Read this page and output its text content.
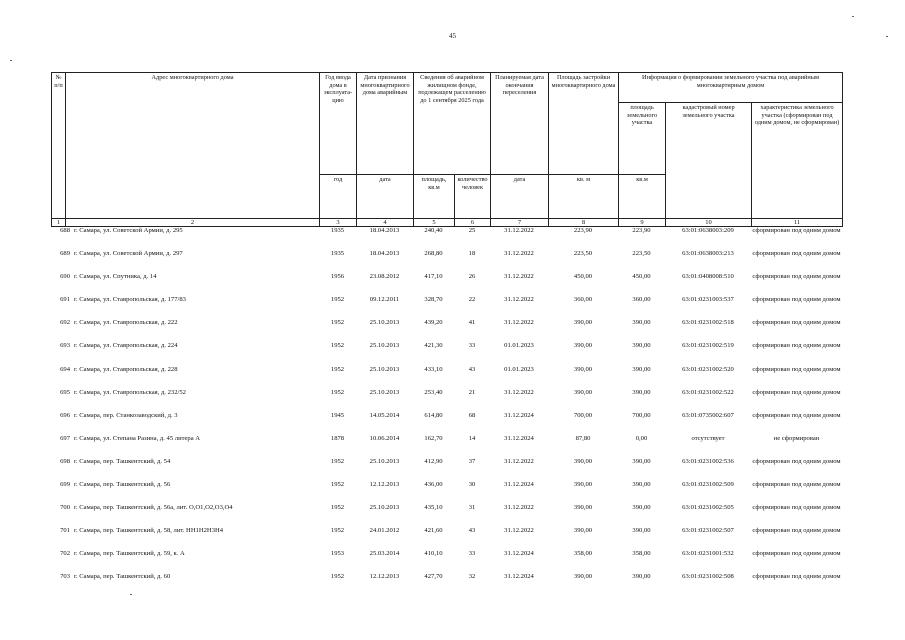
45
№ п/п	Адрес многоквартирного дома	Год ввода дома в эксплуата-цию	Дата признания многоквартирного дома аварийным	Сведения об аварийном жилищном фонде, подлежащем расселению до 1 сентября 2025 года		Планируемая дата окончания переселения	Площадь застройки многоквартирного дома	Информация о формировании земельного участка под аварийным многоквартирным домом		
								площадь земельного участка	кадастровый номер земельного участка	характеристика земельного участка (сформирован под одним домом, не сформирован)
		год	дата	площадь, кв.м	количество человек	дата	кв. м	кв.м		
1	2	3	4	5	6	7	8	9	10	11
688	г. Самара, ул. Советской Армии, д. 295	1935	18.04.2013	240,40	25	31.12.2022	223,90	223,90	63:01:0638003:209	сформирован под одним домом
689	г. Самара, ул. Советской Армии, д. 297	1935	18.04.2013	268,80	18	31.12.2022	223,50	223,50	63:01:0638003:213	сформирован под одним домом
690	г. Самара, ул. Спутника, д. 14	1956	23.08.2012	417,10	26	31.12.2022	450,00	450,00	63:01:0408008:510	сформирован под одним домом
691	г. Самара, ул. Ставропольская, д. 177/83	1952	09.12.2011	328,70	22	31.12.2022	360,00	360,00	63:01:0231003:537	сформирован под одним домом
692	г. Самара, ул. Ставропольская, д. 222	1952	25.10.2013	439,20	41	31.12.2022	390,00	390,00	63:01:0231002:518	сформирован под одним домом
693	г. Самара, ул. Ставропольская, д. 224	1952	25.10.2013	421,30	33	01.01.2023	390,00	390,00	63:01:0231002:519	сформирован под одним домом
694	г. Самара, ул. Ставропольская, д. 228	1952	25.10.2013	433,10	43	01.01.2023	390,00	390,00	63:01:0231002:520	сформирован под одним домом
695	г. Самара, ул. Ставропольская, д. 232/52	1952	25.10.2013	253,40	21	31.12.2022	390,00	390,00	63:01:0231002:522	сформирован под одним домом
696	г. Самара, пер. Станкозаводский, д. 3	1945	14.05.2014	614,80	68	31.12.2024	700,00	700,00	63:01:0735002:607	сформирован под одним домом
697	г. Самара, ул. Степана Разина, д. 45 литера А	1878	10.06.2014	162,70	14	31.12.2024	87,80	0,00	отсутствует	не сформирован
698	г. Самара, пер. Ташкентский, д. 54	1952	25.10.2013	412,90	37	31.12.2022	390,00	390,00	63:01:0231002:536	сформирован под одним домом
699	г. Самара, пер. Ташкентский, д. 56	1952	12.12.2013	436,00	30	31.12.2024	390,00	390,00	63:01:0231002:509	сформирован под одним домом
700	г. Самара, пер. Ташкентский, д. 56а, лит. О,О1,О2,О3,О4	1952	25.10.2013	435,10	31	31.12.2022	390,00	390,00	63:01:0231002:505	сформирован под одним домом
701	г. Самара, пер. Ташкентский, д. 58, лит. НН1Н2Н3Н4	1952	24.01.2012	421,60	43	31.12.2022	390,00	390,00	63:01:0231002:507	сформирован под одним домом
702	г. Самара, пер. Ташкентский, д. 59, к. А	1953	25.03.2014	410,10	33	31.12.2024	358,00	358,00	63:01:0231001:532	сформирован под одним домом
703	г. Самара, пер. Ташкентский, д. 60	1952	12.12.2013	427,70	32	31.12.2024	390,00	390,00	63:01:0231002:508	сформирован под одним домом
